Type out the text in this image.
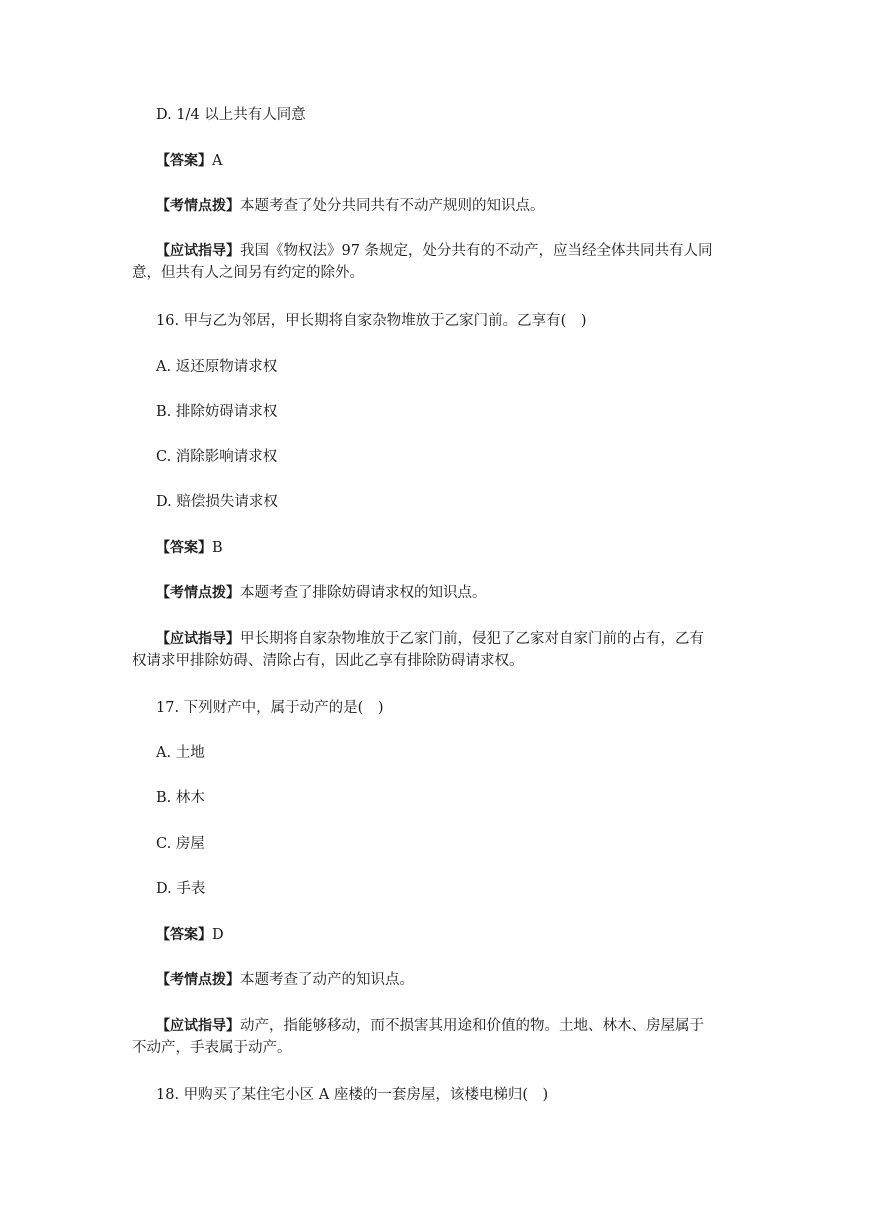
D. 1/4 以上共有人同意
【答案】A
【考情点拨】本题考查了处分共同共有不动产规则的知识点。
【应试指导】我国《物权法》97 条规定，处分共有的不动产，应当经全体共同共有人同
意，但共有人之间另有约定的除外。
16. 甲与乙为邻居，甲长期将自家杂物堆放于乙家门前。乙享有(　)
A. 返还原物请求权
B. 排除妨碍请求权
C. 消除影响请求权
D. 赔偿损失请求权
【答案】B
【考情点拨】本题考查了排除妨碍请求权的知识点。
【应试指导】甲长期将自家杂物堆放于乙家门前，侵犯了乙家对自家门前的占有，乙有
权请求甲排除妨碍、清除占有，因此乙享有排除防碍请求权。
17. 下列财产中，属于动产的是(　)
A. 土地
B. 林木
C. 房屋
D. 手表
【答案】D
【考情点拨】本题考查了动产的知识点。
【应试指导】动产，指能够移动，而不损害其用途和价值的物。土地、林木、房屋属于
不动产，手表属于动产。
18. 甲购买了某住宅小区 A 座楼的一套房屋，该楼电梯归(　)
